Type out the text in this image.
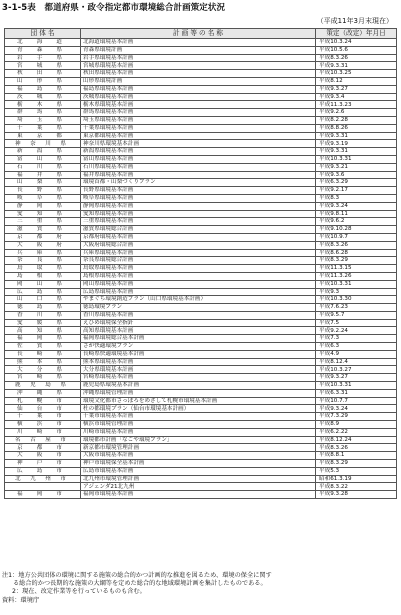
3-1-5表　都道府県・政令指定都市環境総合計画策定状況
（平成11年3月末現在）
団 体 名	計 画 等 の 名 称	策定（改定）年月日
北海道	北海道環境基本計画	平成10.3.24
青森県	青森県環境計画	平成10.5.6
岩手県	岩手県環境基本計画	平成8.3.26
宮城県	宮城県環境基本計画	平成9.3.31
秋田県	秋田県環境基本計画	平成10.3.25
山形県	山形県環境計画	平成8.12
福島県	福島県環境基本計画	平成9.3.27
茨城県	茨城県環境基本計画	平成9.3.4
栃木県	栃木県環境基本計画	平成11.3.23
群馬県	群馬県環境基本計画	平成9.2.6
埼玉県	埼玉県環境基本計画	平成8.2.28
千葉県	千葉県環境基本計画	平成8.8.26
東京都	東京都環境基本計画	平成9.3.31
神奈川県	神奈川県環境基本計画	平成9.3.19
新潟県	新潟県環境基本計画	平成9.3.31
富山県	富山県環境基本計画	平成10.3.31
石川県	石川県環境基本計画	平成9.3.21
福井県	福井県環境基本計画	平成9.3.6
山梨県	環境首都・山梨づくりプラン	平成6.3.29
長野県	長野県環境基本計画	平成9.2.17
岐阜県	岐阜県環境基本計画	平成8.3
静岡県	静岡県環境基本計画	平成9.3.24
愛知県	愛知県環境基本計画	平成9.8.11
三重県	三重県環境基本計画	平成9.6.2
滋賀県	滋賀県環境総合計画	平成9.10.28
京都府	京都府環境基本計画	平成10.9.7
大阪府	大阪府環境総合計画	平成8.3.26
兵庫県	兵庫県環境基本計画	平成8.6.28
奈良県	奈良県環境総合計画	平成8.3.29
鳥取県	鳥取県環境基本計画	平成11.3.15
島根県	島根県環境基本計画	平成11.3.26
岡山県	岡山県環境基本計画	平成10.3.31
広島県	広島県環境基本計画	平成9.3
山口県	やまぐち環境創造プラン（山口県環境基本計画）	平成10.3.30
徳島県	徳島環境プラン	平成7.6.23
香川県	香川県環境基本計画	平成9.5.7
愛媛県	えひめ環境保全指針	平成7.5
高知県	高知県環境基本計画	平成9.2.24
福岡県	福岡県環境総合基本計画	平成7.3
佐賀県	さが快適環境プラン	平成6.3
長崎県	長崎県快適環境基本計画	平成4.9
熊本県	熊本県環境基本計画	平成8.12.4
大分県	大分県環境基本計画	平成10.3.27
宮崎県	宮崎県環境基本計画	平成9.3.27
鹿児島県	鹿児島県環境基本計画	平成10.3.31
沖縄県	沖縄県環境管理計画	平成6.3.31
札幌市	環境文化都市さっぽろをめざして札幌市環境基本計画	平成10.7.7
仙台市	杜の都環境プラン（仙台市環境基本計画）	平成9.3.24
千葉市	千葉市環境基本計画	平成7.3.29
横浜市	横浜市環境管理計画	平成8.9
川崎市	川崎市環境基本計画	平成6.2.22
名古屋市	環境都市計画「なごや環境プラン」	平成8.12.24
京都市	新京都市環境管理計画	平成8.3.26
大阪市	大阪市環境基本計画	平成8.8.1
神戸市	神戸市環境保全基本計画	平成8.3.29
広島市	広島市環境基本計画	平成5.3
北九州市	北九州市環境管理計画	昭和61.3.19
	アジェンダ21北九州	平成8.3.22
福岡市	福岡市環境基本計画	平成9.3.28
注1：地方公共団体の環境に関する施策の総合的かつ計画的な推進を図るため、環境の保全に関す
る総合的かつ長期的な施策の大綱等を定めた総合的な地域環境計画を集計したものである。
2：現在、改定作業等を行っているものも含む。
資料：環境庁
